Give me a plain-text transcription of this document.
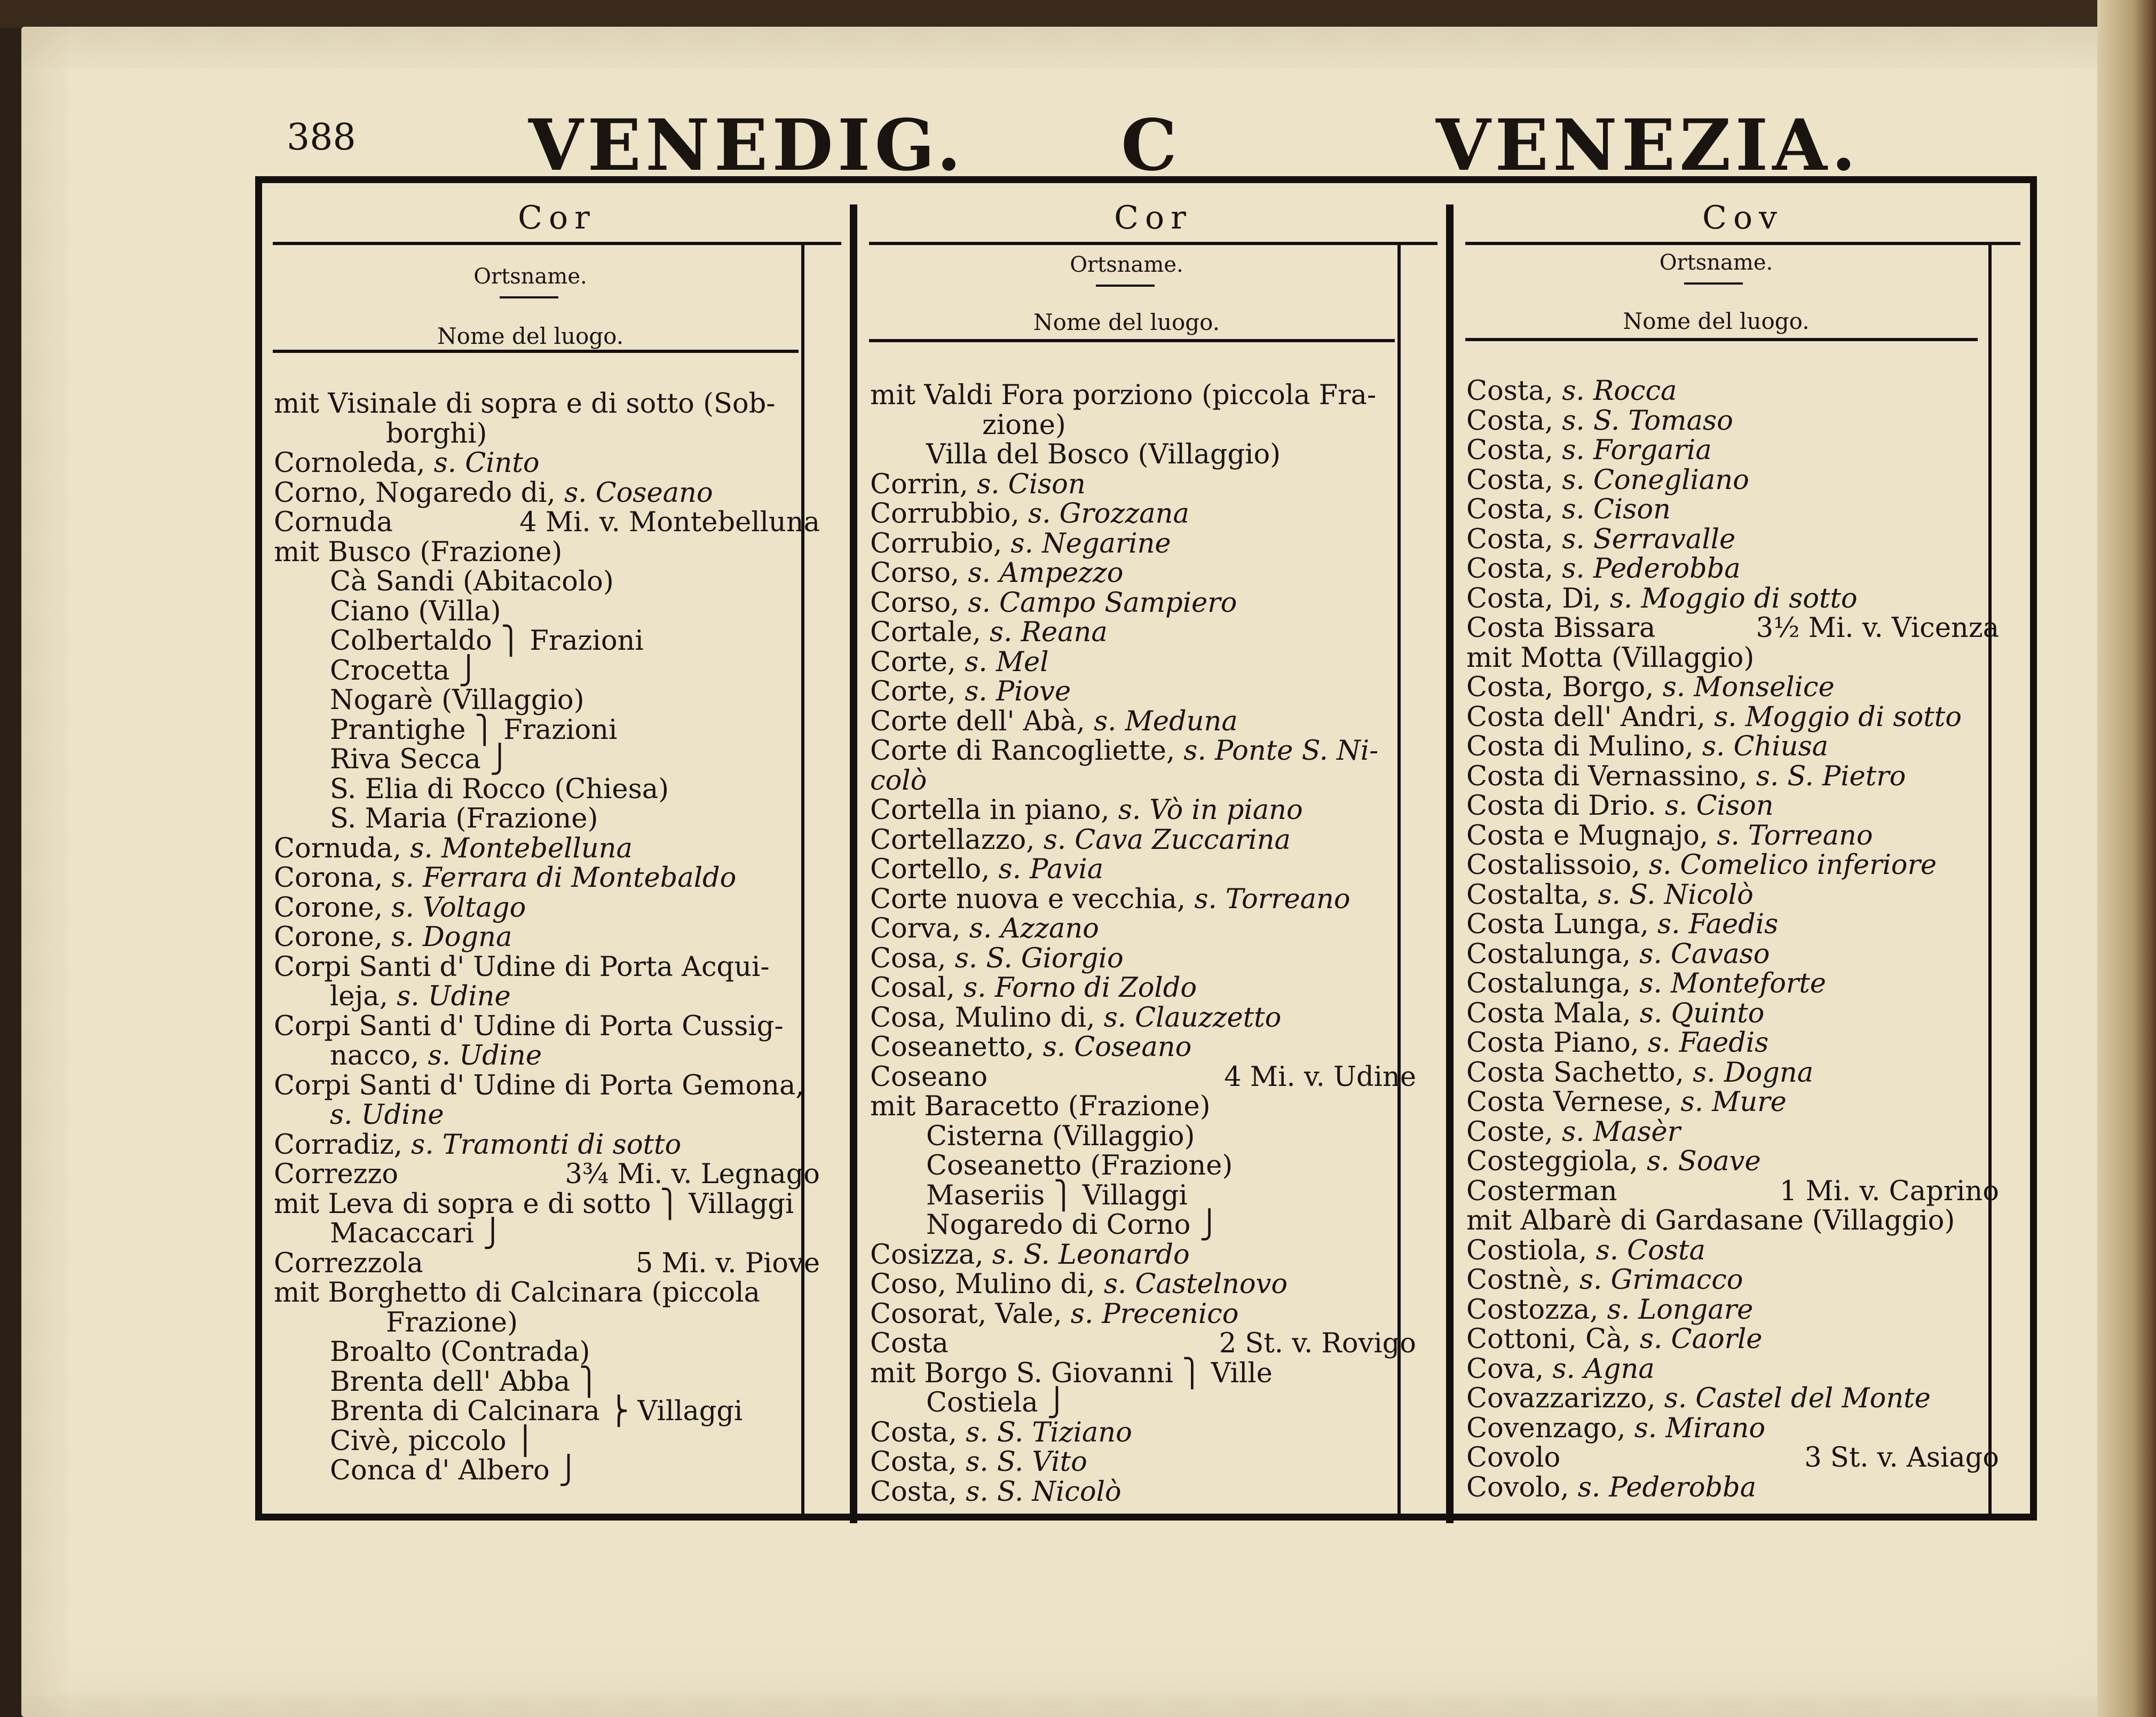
388 VENEDIG. C	VENEZIA.
Cor
Ortsname.
Nome del luogo.
mit Visinale di sopra e di sotto (Sob-
borghi)
Cornoleda, s. Cinto
Corno, Nogaredo di, s. Coseano
Cornuda	4 Mi. v. Montebelluna
mit Busco (Frazione)
Cà Sandi (Abitacolo)
Ciano (Villa)
Colbertaldo ⎫ Frazioni
Crocetta ⎭
Nogarè (Villaggio)
Prantighe ⎫ Frazioni
Riva Secca ⎭
S. Elia di Rocco (Chiesa)
S. Maria (Frazione)
Cornuda, s. Montebelluna
Corona, s. Ferrara di Montebaldo
Corone, s. Voltago
Corone, s. Dogna
Corpi Santi d' Udine di Porta Acqui-
leja, s. Udine
Corpi Santi d' Udine di Porta Cussig-
nacco, s. Udine
Corpi Santi d' Udine di Porta Gemona,
s. Udine
Corradiz, s. Tramonti di sotto
Correzzo	3¾ Mi. v. Legnago
mit Leva di sopra e di sotto ⎫ Villaggi
Macaccari ⎭
Correzzola	5 Mi. v. Piove
mit Borghetto di Calcinara (piccola
Frazione)
Broalto (Contrada)
Brenta dell' Abba ⎫
Brenta di Calcinara ⎬ Villaggi
Civè, piccolo ⎪
Conca d' Albero ⎭
Cor
Ortsname.
Nome del luogo.
mit Valdi Fora porziono (piccola Fra-
zione)
Villa del Bosco (Villaggio)
Corrin, s. Cison
Corrubbio, s. Grozzana
Corrubio, s. Negarine
Corso, s. Ampezzo
Corso, s. Campo Sampiero
Cortale, s. Reana
Corte, s. Mel
Corte, s. Piove
Corte dell' Abà, s. Meduna
Corte di Rancogliette, s. Ponte S. Ni-
colò
Cortella in piano, s. Vò in piano
Cortellazzo, s. Cava Zuccarina
Cortello, s. Pavia
Corte nuova e vecchia, s. Torreano
Corva, s. Azzano
Cosa, s. S. Giorgio
Cosal, s. Forno di Zoldo
Cosa, Mulino di, s. Clauzzetto
Coseanetto, s. Coseano
Coseano	4 Mi. v. Udine
mit Baracetto (Frazione)
Cisterna (Villaggio)
Coseanetto (Frazione)
Maseriis ⎫ Villaggi
Nogaredo di Corno ⎭
Cosizza, s. S. Leonardo
Coso, Mulino di, s. Castelnovo
Cosorat, Vale, s. Precenico
Costa	2 St. v. Rovigo
mit Borgo S. Giovanni ⎫ Ville
Costiela ⎭
Costa, s. S. Tiziano
Costa, s. S. Vito
Costa, s. S. Nicolò
Cov
Ortsname.
Nome del luogo.
Costa, s. Rocca
Costa, s. S. Tomaso
Costa, s. Forgaria
Costa, s. Conegliano
Costa, s. Cison
Costa, s. Serravalle
Costa, s. Pederobba
Costa, Di, s. Moggio di sotto
Costa Bissara	3½ Mi. v. Vicenza
mit Motta (Villaggio)
Costa, Borgo, s. Monselice
Costa dell' Andri, s. Moggio di sotto
Costa di Mulino, s. Chiusa
Costa di Vernassino, s. S. Pietro
Costa di Drio. s. Cison
Costa e Mugnajo, s. Torreano
Costalissoio, s. Comelico inferiore
Costalta, s. S. Nicolò
Costa Lunga, s. Faedis
Costalunga, s. Cavaso
Costalunga, s. Monteforte
Costa Mala, s. Quinto
Costa Piano, s. Faedis
Costa Sachetto, s. Dogna
Costa Vernese, s. Mure
Coste, s. Masèr
Costeggiola, s. Soave
Costerman	1 Mi. v. Caprino
mit Albarè di Gardasane (Villaggio)
Costiola, s. Costa
Costnè, s. Grimacco
Costozza, s. Longare
Cottoni, Cà, s. Caorle
Cova, s. Agna
Covazzarizzo, s. Castel del Monte
Covenzago, s. Mirano
Covolo	3 St. v. Asiago
Covolo, s. Pederobba
